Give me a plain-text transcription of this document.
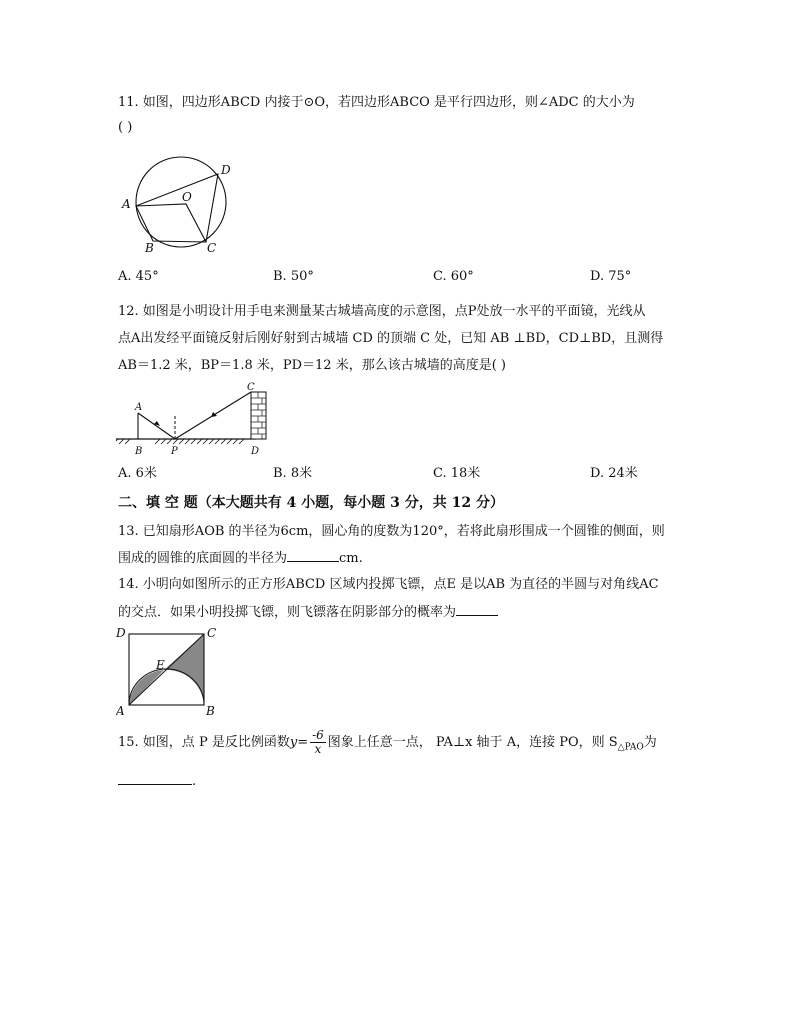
11. 如图，四边形ABCD 内接于⊙O，若四边形ABCO 是平行四边形，则∠ADC 的大小为
( )
A
B	C
D
O
A. 45°	B. 50°	C. 60°	D. 75°
12. 如图是小明设计用手电来测量某古城墙高度的示意图，点P处放一水平的平面镜，光线从
点A出发经平面镜反射后刚好射到古城墙 CD 的顶端 C 处，已知 AB ⊥BD，CD⊥BD，且测得
AB＝1.2 米，BP＝1.8 米，PD＝12 米，那么该古城墙的高度是( )
A
B	P
C
D
A. 6米	B. 8米	C. 18米	D. 24米
二、填 空 题（本大题共有 4 小题，每小题 3 分，共 12 分）
13. 已知扇形AOB 的半径为6cm，圆心角的度数为120°，若将此扇形围成一个圆锥的侧面，则
围成的圆锥的底面圆的半径为	cm.
14. 小明向如图所示的正方形ABCD 区域内投掷飞镖，点E 是以AB 为直径的半圆与对角线AC
的交点．如果小明投掷飞镖，则飞镖落在阴影部分的概率为
D	C
E
A	B
15. 如图，点 P 是反比例函数$y= \frac{-6}{x}$ 图象上任意一点， PA⊥x 轴于 A，连接 PO，则 $S_{\triangle PAO}$为
.
